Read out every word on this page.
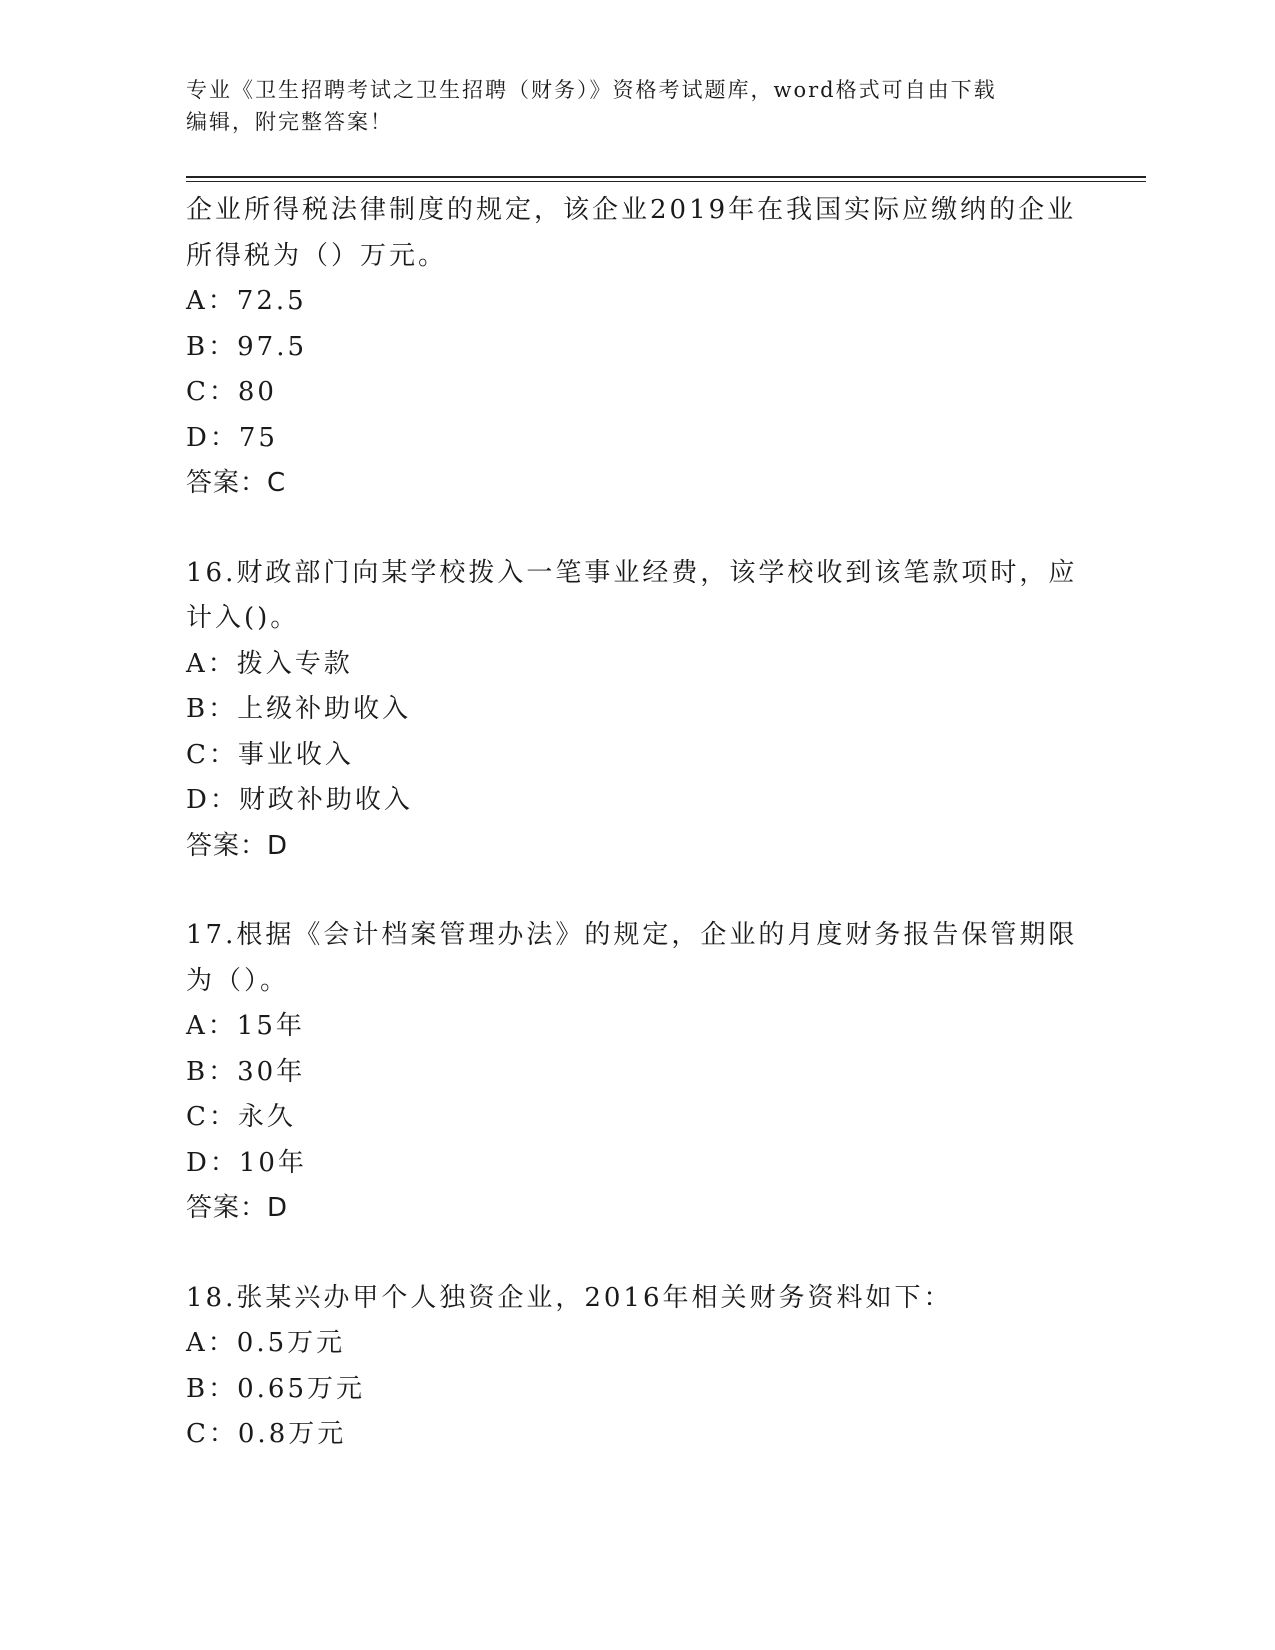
专业《卫生招聘考试之卫生招聘（财务）》资格考试题库，word格式可自由下载
编辑，附完整答案！
企业所得税法律制度的规定，该企业2019年在我国实际应缴纳的企业
所得税为（）万元。
A：72.5
B：97.5
C：80
D：75
答案：C
16.财政部门向某学校拨入一笔事业经费，该学校收到该笔款项时，应
计入()。
A：拨入专款
B：上级补助收入
C：事业收入
D：财政补助收入
答案：D
17.根据《会计档案管理办法》的规定，企业的月度财务报告保管期限
为（）。
A：15年
B：30年
C：永久
D：10年
答案：D
18.张某兴办甲个人独资企业，2016年相关财务资料如下：
A：0.5万元
B：0.65万元
C：0.8万元
